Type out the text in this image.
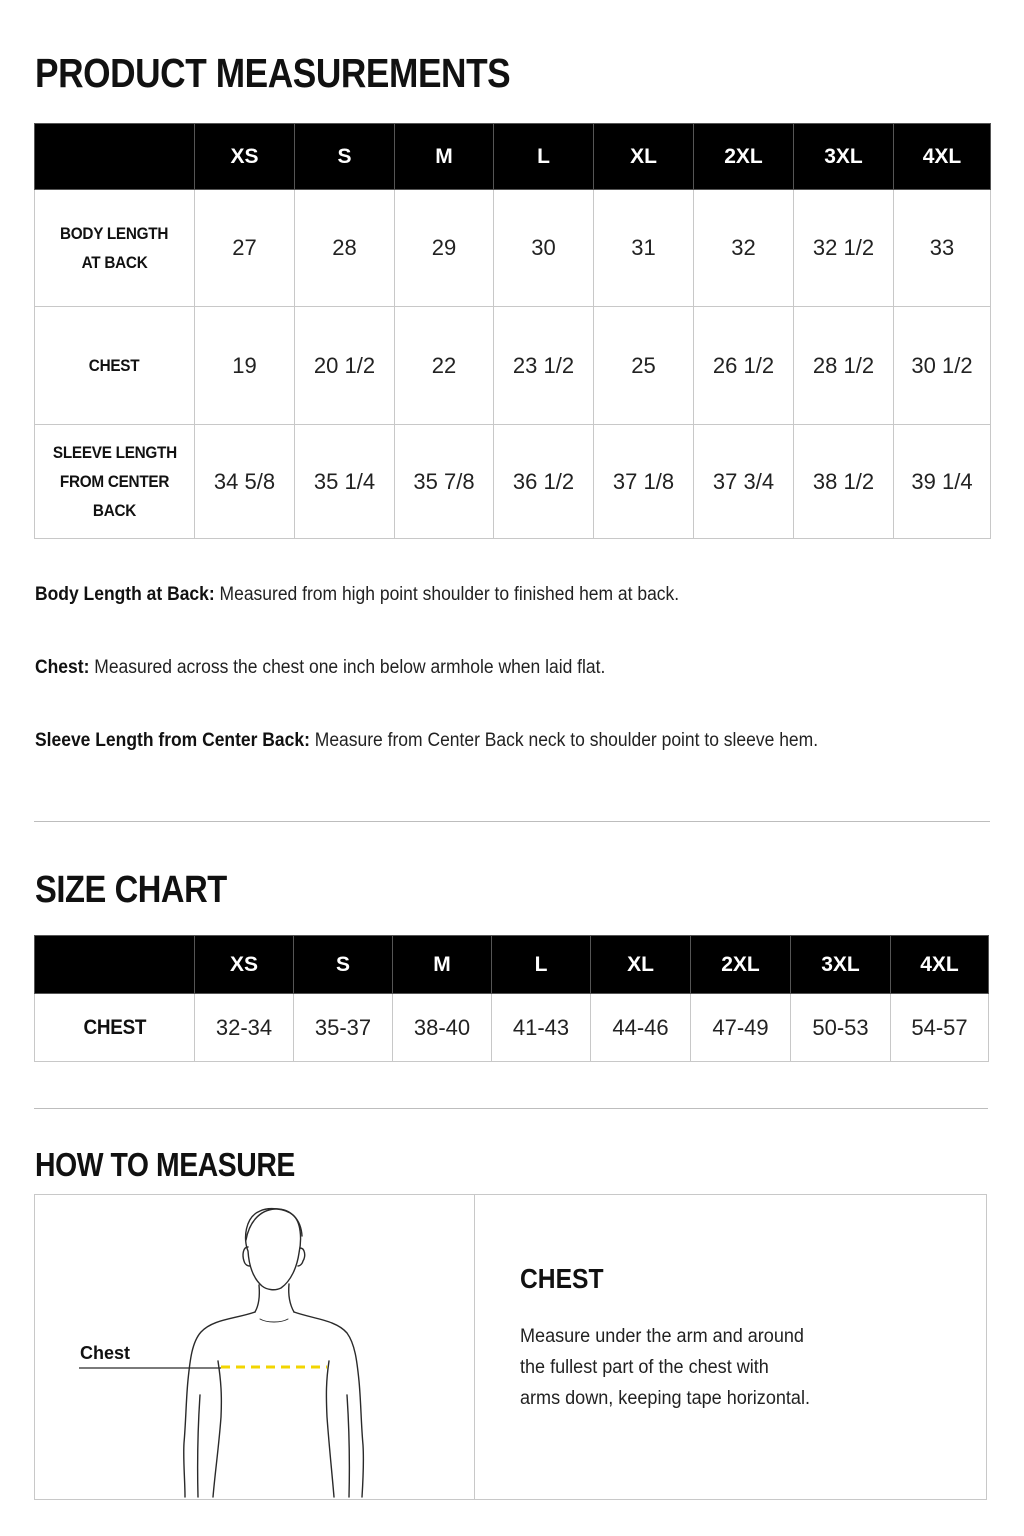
PRODUCT MEASUREMENTS
	XS	S	M	L	XL	2XL	3XL	4XL
BODY LENGTH
AT BACK	27	28	29	30	31	32	32 1/2	33
CHEST	19	20 1/2	22	23 1/2	25	26 1/2	28 1/2	30 1/2
SLEEVE LENGTH
FROM CENTER BACK	34 5/8	35 1/4	35 7/8	36 1/2	37 1/8	37 3/4	38 1/2	39 1/4
Body Length at Back: Measured from high point shoulder to finished hem at back.
Chest: Measured across the chest one inch below armhole when laid flat.
Sleeve Length from Center Back: Measure from Center Back neck to shoulder point to sleeve hem.
SIZE CHART
	XS	S	M	L	XL	2XL	3XL	4XL
CHEST	32-34	35-37	38-40	41-43	44-46	47-49	50-53	54-57
HOW TO MEASURE
Chest
CHEST
Measure under the arm and around
the fullest part of the chest with
arms down, keeping tape horizontal.
